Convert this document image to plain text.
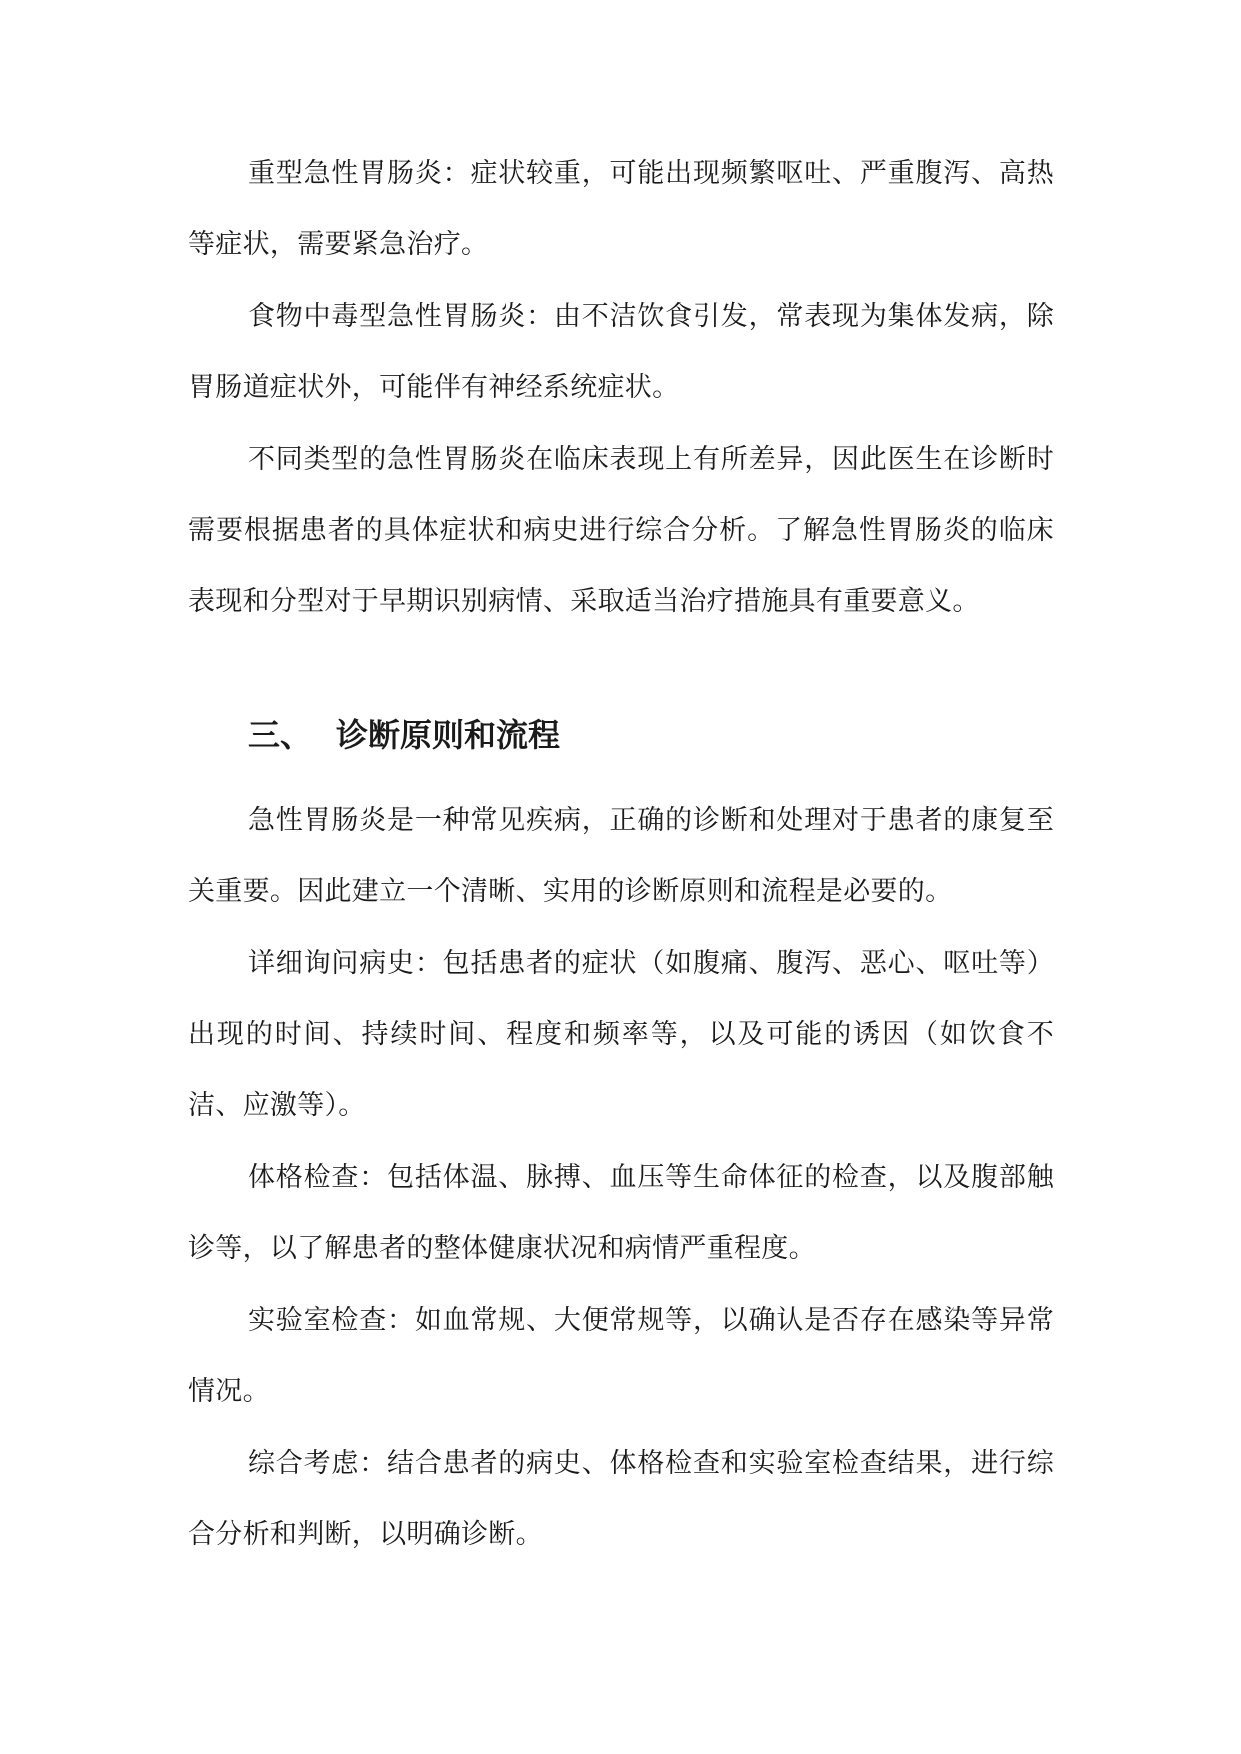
重型急性胃肠炎：症状较重，可能出现频繁呕吐、严重腹泻、高热等症状，需要紧急治疗。

食物中毒型急性胃肠炎：由不洁饮食引发，常表现为集体发病，除胃肠道症状外，可能伴有神经系统症状。

不同类型的急性胃肠炎在临床表现上有所差异，因此医生在诊断时需要根据患者的具体症状和病史进行综合分析。了解急性胃肠炎的临床表现和分型对于早期识别病情、采取适当治疗措施具有重要意义。

三、 诊断原则和流程

急性胃肠炎是一种常见疾病，正确的诊断和处理对于患者的康复至关重要。因此建立一个清晰、实用的诊断原则和流程是必要的。

详细询问病史：包括患者的症状（如腹痛、腹泻、恶心、呕吐等）出现的时间、持续时间、程度和频率等，以及可能的诱因（如饮食不洁、应激等）。

体格检查：包括体温、脉搏、血压等生命体征的检查，以及腹部触诊等，以了解患者的整体健康状况和病情严重程度。

实验室检查：如血常规、大便常规等，以确认是否存在感染等异常情况。

综合考虑：结合患者的病史、体格检查和实验室检查结果，进行综合分析和判断，以明确诊断。
